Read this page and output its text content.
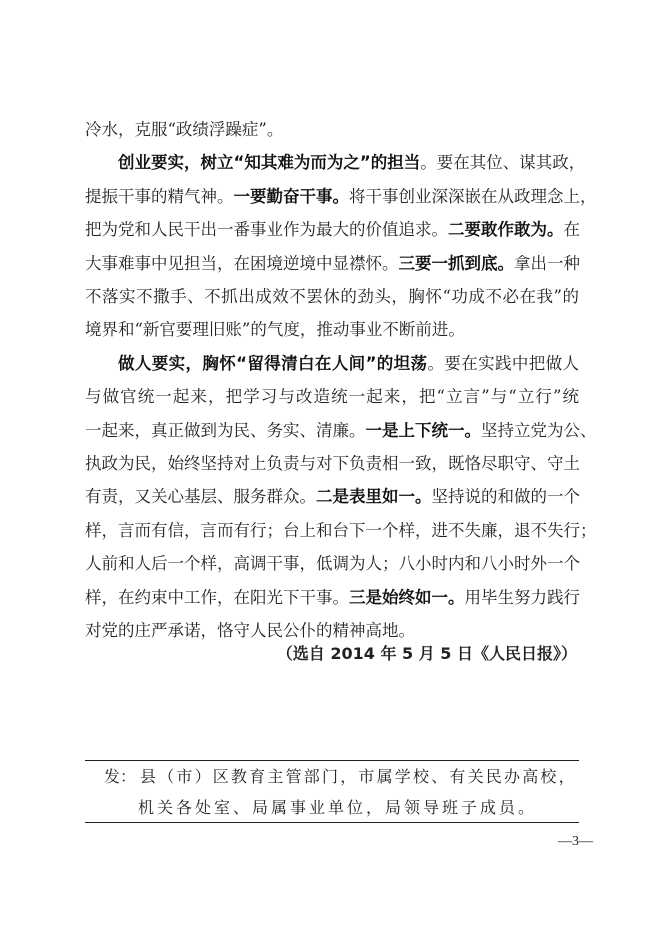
冷水，克服“政绩浮躁症”。
创业要实，树立“知其难为而为之”的担当。要在其位、谋其政，
提振干事的精气神。一要勤奋干事。将干事创业深深嵌在从政理念上，
把为党和人民干出一番事业作为最大的价值追求。二要敢作敢为。在
大事难事中见担当，在困境逆境中显襟怀。三要一抓到底。拿出一种
不落实不撒手、不抓出成效不罢休的劲头，胸怀“功成不必在我”的
境界和“新官要理旧账”的气度，推动事业不断前进。
做人要实，胸怀“留得清白在人间”的坦荡。要在实践中把做人
与做官统一起来，把学习与改造统一起来，把“立言”与“立行”统
一起来，真正做到为民、务实、清廉。一是上下统一。坚持立党为公、
执政为民，始终坚持对上负责与对下负责相一致，既恪尽职守、守土
有责，又关心基层、服务群众。二是表里如一。坚持说的和做的一个
样，言而有信，言而有行；台上和台下一个样，进不失廉，退不失行；
人前和人后一个样，高调干事，低调为人；八小时内和八小时外一个
样，在约束中工作，在阳光下干事。三是始终如一。用毕生努力践行
对党的庄严承诺，恪守人民公仆的精神高地。
（选自 2014 年 5 月 5 日《人民日报》）
发： 县（市）区教育主管部门，市属学校、有关民办高校，
机关各处室、局属事业单位，局领导班子成员。
—3—
